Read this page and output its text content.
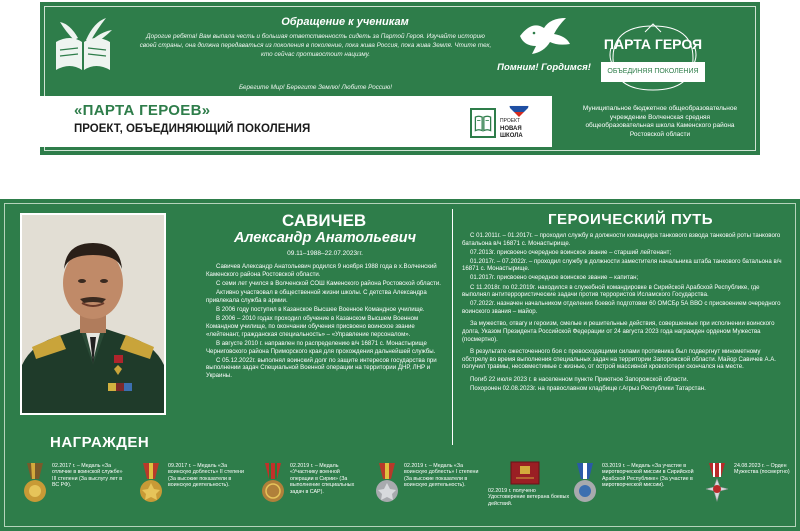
Обращение к ученикам
Дорогие ребята! Вам выпала честь и большая ответственность сидеть за Партой Героя. Изучайте историю своей страны, она должна передаваться из поколения в поколение, пока жива Россия, пока жива Земля. Чтите тех, кто сейчас противостоит нацизму.
Берегите Мир! Берегите Землю! Любите Россию!
Помним! Гордимся!
«ПАРТА ГЕРОЕВ»
ПРОЕКТ, ОБЪЕДИНЯЮЩИЙ ПОКОЛЕНИЯ
ПРОЕКТ
НОВАЯ
ШКОЛА
ПАРТА ГЕРОЯ
ОБЪЕДИНЯЯ ПОКОЛЕНИЯ
Муниципальное бюджетное общеобразовательное учреждение Волченская средняя общеобразовательная школа Каменского района Ростовской области
САВИЧЕВ
Александр Анатольевич
09.11–1988–22.07.2023гг.

Савичев Александр Анатольевич родился 9 ноября 1988 года в х.Волченский Каменского района Ростовской области.

С семи лет учился в Волченской СОШ Каменского района Ростовской области.

Активно участвовал в общественной жизни школы. С детства Александра привлекала служба в армии.

В 2006 году поступил в Казанское Высшее Военное Командное училище.

В 2006 – 2010 годах проходил обучение в Казанском Высшем Военном Командном училище, по окончании обучения присвоено воинское звание «лейтенант, гражданская специальность» – «Управление персоналом».

В августе 2010 г. направлен по распределению в/ч 16871 с. Монастырище Черниговского района Приморского края для прохождения дальнейшей службы.

С 05.12.2022г. выполнял воинский долг по защите интересов государства при выполнении задач Специальной Военной операции на территории ДНР, ЛНР и Украины.

ГЕРОИЧЕСКИЙ ПУТЬ

С 01.2011г. – 01.2017г. – проходил службу в должности командира танкового взвода танковой роты танкового батальона в/ч 16871 с. Монастырище.

07.2013г. присвоено очередное воинское звание – старший лейтенант;

01.2017г. – 07.2022г. – проходил службу в должности заместителя начальника штаба танкового батальона в/ч 16871 с. Монастырище.

01.2017г. присвоено очередное воинское звание – капитан;

С 11.2018г. по 02.2019г. находился в служебной командировке в Сирийской Арабской Республике, где выполнял антитеррористические задачи против террористов Исламского Государства.

07.2022г. назначен начальником отделения боевой подготовки 60 ОМСБр 5А ВВО с присвоением очередного воинского звания – майор.

За мужество, отвагу и героизм, смелые и решительные действия, совершенные при исполнении воинского долга, Указом Президента Российской Федерации от 24 августа 2023 года награжден орденом Мужества (посмертно).

В результате ожесточенного боя с превосходящими силами противника был подвергнут минометному обстрелу во время выполнения специальных задач на территории Запорожской области. Майор Савичев А.А. получил травмы, несовместимые с жизнью, от острой массивной кровопотери скончался на месте.

Погиб 22 июля 2023 г. в населенном пункте Приютное Запорожской области.

Похоронен 02.08.2023г. на православном кладбище г.Агрыз Республики Татарстан.

НАГРАЖДЕН
02.2017 г. – Медаль «За отличие в воинской службе» III степени (За выслугу лет в ВС РФ).
09.2017 г. – Медаль «За воинскую доблесть» II степени (За высокие показатели в воинскую деятельность).
02.2019 г. – Медаль «Участнику военной операции в Сирии» (За выполнение специальных задач в САР).
02.2019 г. – Медаль «За воинскую доблесть» I степени (За высокие показатели в воинскую деятельность).
02.2019 г. получено Удостоверение ветерана боевых действий.
03.2019 г. – Медаль «За участие в миротворческой миссии в Сирийской Арабской Республике» (За участие в миротворческой миссии).
24.08.2023 г. – Орден Мужества (посмертно)
